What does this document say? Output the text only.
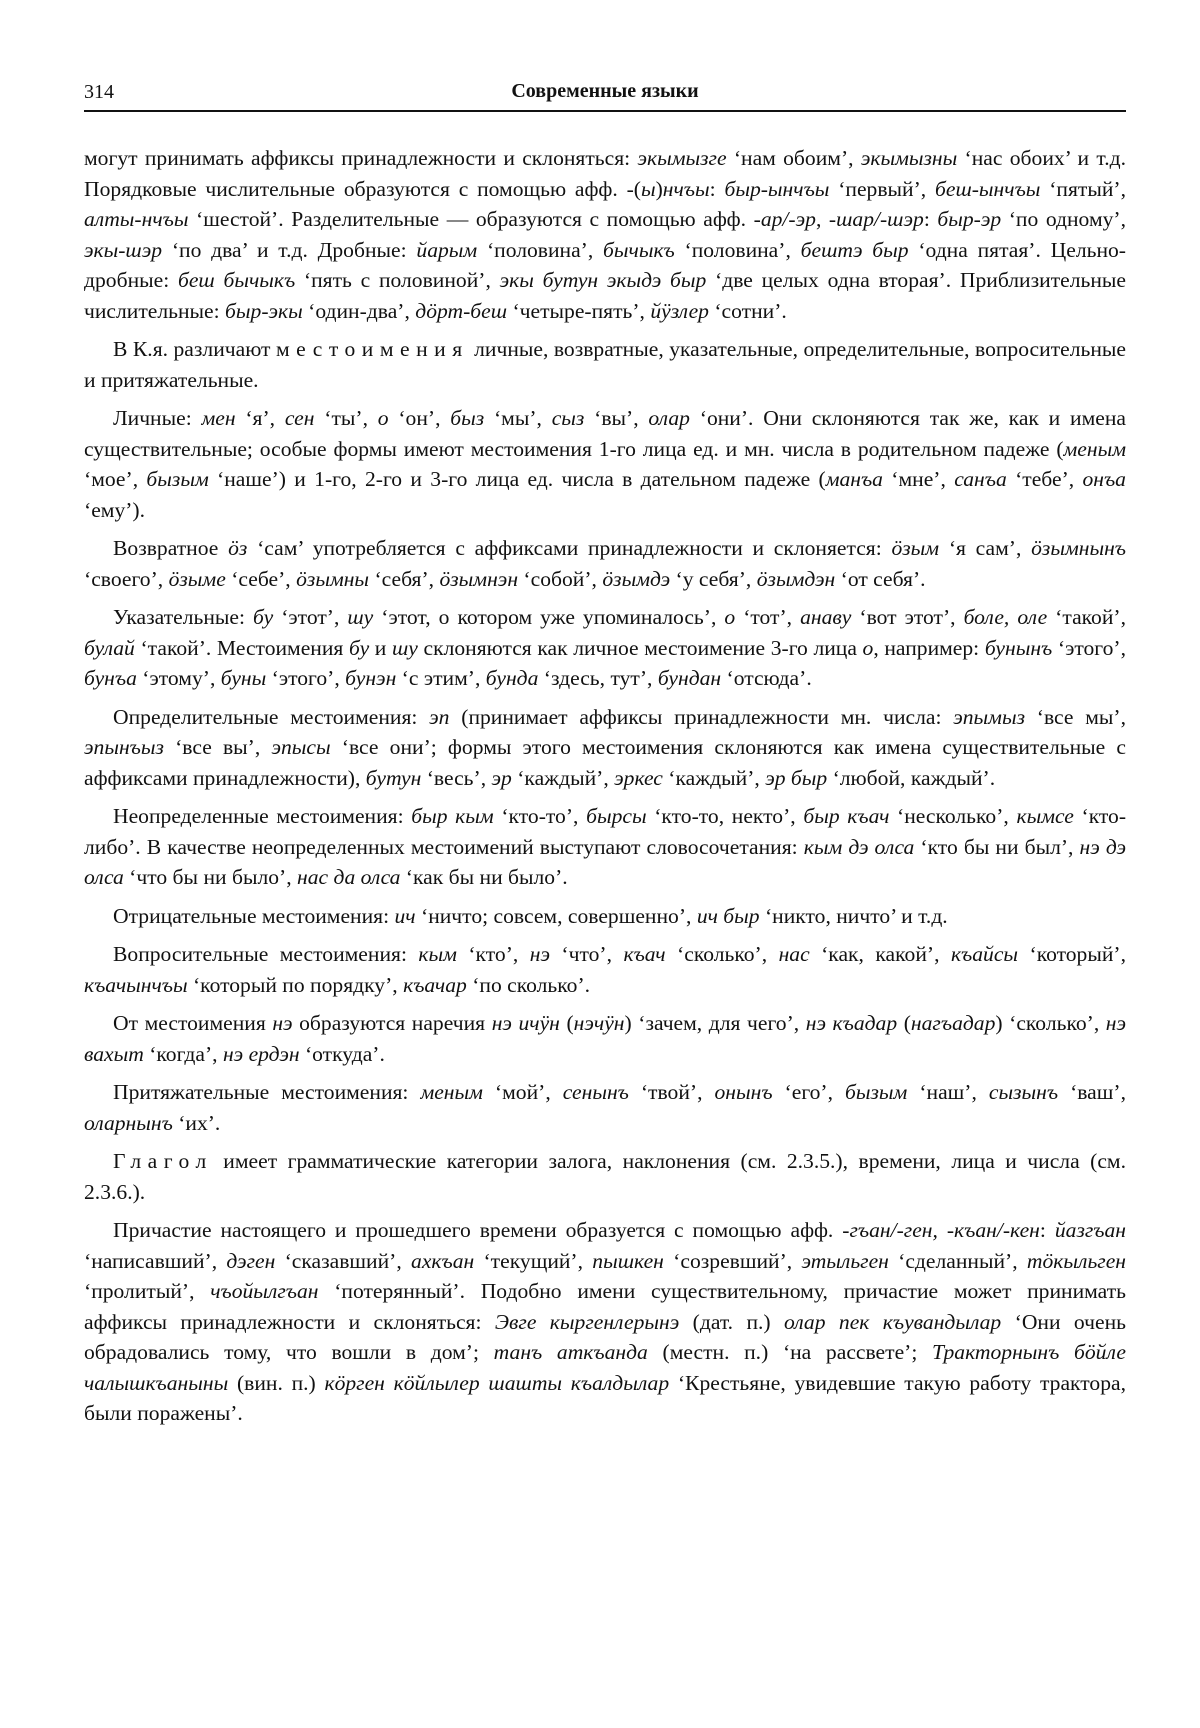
314	Современные языки

могут принимать аффиксы принадлежности и склоняться: экымызге ‘нам обоим’, экымызны ‘нас обоих’ и т.д. Порядковые числительные образуются с помощью афф. -(ы)нчъы: быр-ынчъы ‘первый’, беш-ынчъы ‘пятый’, алты-нчъы ‘шестой’. Разделительные — образуются с помощью афф. -ар/-эр, -шар/-шэр: быр-эр ‘по одному’, экы-шэр ‘по два’ и т.д. Дробные: йарым ‘половина’, бычыкъ ‘половина’, бештэ быр ‘одна пятая’. Цельно-дробные: беш бычыкъ ‘пять с половиной’, экы бутун экыдэ быр ‘две целых одна вторая’. Приблизительные числительные: быр-экы ‘один-два’, дöрт-беш ‘четыре-пять’, йÿзлер ‘сотни’.

В К.я. различают местоимения личные, возвратные, указательные, определительные, вопросительные и притяжательные.

Личные: мен ‘я’, сен ‘ты’, о ‘он’, быз ‘мы’, сыз ‘вы’, олар ‘они’. Они склоняются так же, как и имена существительные; особые формы имеют местоимения 1-го лица ед. и мн. числа в родительном падеже (меным ‘мое’, бызым ‘наше’) и 1-го, 2-го и 3-го лица ед. числа в дательном падеже (манъа ‘мне’, санъа ‘тебе’, онъа ‘ему’).

Возвратное öз ‘сам’ употребляется с аффиксами принадлежности и склоняется: öзым ‘я сам’, öзымнынъ ‘своего’, öзыме ‘себе’, öзымны ‘себя’, öзымнэн ‘собой’, öзымдэ ‘у себя’, öзымдэн ‘от себя’.

Указательные: бу ‘этот’, шу ‘этот, о котором уже упоминалось’, о ‘тот’, анаву ‘вот этот’, боле, оле ‘такой’, булай ‘такой’. Местоимения бу и шу склоняются как личное местоимение 3-го лица о, например: бунынъ ‘этого’, бунъа ‘этому’, буны ‘этого’, бунэн ‘с этим’, бунда ‘здесь, тут’, бундан ‘отсюда’.

Определительные местоимения: эп (принимает аффиксы принадлежности мн. числа: эпымыз ‘все мы’, эпынъыз ‘все вы’, эпысы ‘все они’; формы этого местоимения склоняются как имена существительные с аффиксами принадлежности), бутун ‘весь’, эр ‘каждый’, эркес ‘каждый’, эр быр ‘любой, каждый’.

Неопределенные местоимения: быр кым ‘кто-то’, бырсы ‘кто-то, некто’, быр къач ‘несколько’, кымсе ‘кто-либо’. В качестве неопределенных местоимений выступают словосочетания: кым дэ олса ‘кто бы ни был’, нэ дэ олса ‘что бы ни было’, нас да олса ‘как бы ни было’.

Отрицательные местоимения: ич ‘ничто; совсем, совершенно’, ич быр ‘никто, ничто’ и т.д.

Вопросительные местоимения: кым ‘кто’, нэ ‘что’, къач ‘сколько’, нас ‘как, какой’, къайсы ‘который’, къачынчъы ‘который по порядку’, къачар ‘по сколько’.

От местоимения нэ образуются наречия нэ ичÿн (нэчÿн) ‘зачем, для чего’, нэ къадар (нагъадар) ‘сколько’, нэ вахыт ‘когда’, нэ ердэн ‘откуда’.

Притяжательные местоимения: меным ‘мой’, сенынъ ‘твой’, онынъ ‘его’, бызым ‘наш’, сызынъ ‘ваш’, оларнынъ ‘их’.

Глагол имеет грамматические категории залога, наклонения (см. 2.3.5.), времени, лица и числа (см. 2.3.6.).

Причастие настоящего и прошедшего времени образуется с помощью афф. -гъан/-ген, -къан/-кен: йазгъан ‘написавший’, дэген ‘сказавший’, ахкъан ‘текущий’, пышкен ‘созревший’, этыльген ‘сделанный’, тöкыльген ‘пролитый’, чъойылгъан ‘потерянный’. Подобно имени существительному, причастие может принимать аффиксы принадлежности и склоняться: Эвге кыргенлерынэ (дат. п.) олар пек къувандылар ‘Они очень обрадовались тому, что вошли в дом’; танъ аткъанда (местн. п.) ‘на рассвете’; Тракторнынъ бöйле чалышкъаныны (вин. п.) кöрген кöйлылер шашты къалдылар ‘Крестьяне, увидевшие такую работу трактора, были поражены’.
